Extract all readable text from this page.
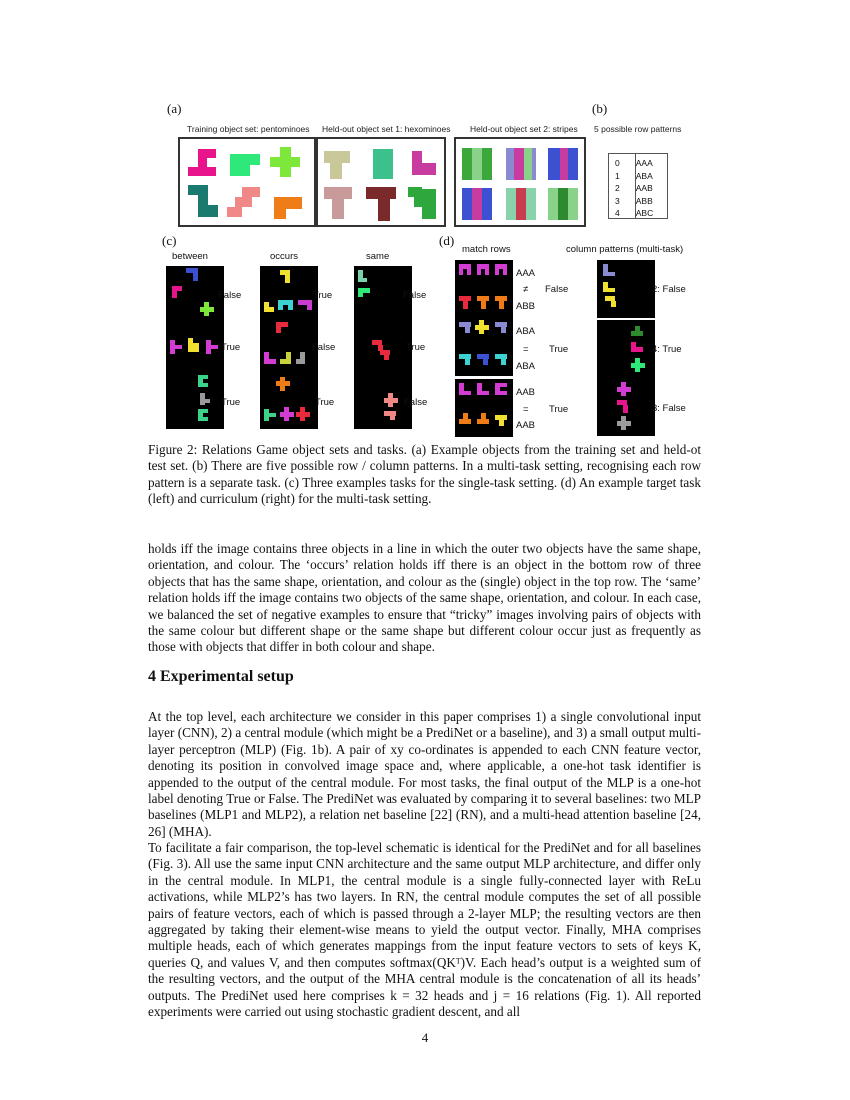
(a)	(b)
(c)	(d)
Training object set: pentominoes Held-out object set 1: hexominoes Held-out object set 2: stripes 5 possible row patterns
0	AAA
1	ABA
2	AAB
3	ABB
4	ABC
between	occurs	same
False	True	False
True	False	True
True	True	False
match rows	column patterns (multi-task)
AAA
≠
ABB
False	2: False
ABA
=
ABA
True	4: True
AAB
=
AAB
True	3: False

Figure 2: Relations Game object sets and tasks. (a) Example objects from the training set and held-ot test set. (b) There are five possible row / column patterns. In a multi-task setting, recognising each row pattern is a separate task. (c) Three examples tasks for the single-task setting. (d) An example target task (left) and curriculum (right) for the multi-task setting.

holds iff the image contains three objects in a line in which the outer two objects have the same shape, orientation, and colour. The ‘occurs’ relation holds iff there is an object in the bottom row of three objects that has the same shape, orientation, and colour as the (single) object in the top row. The ‘same’ relation holds iff the image contains two objects of the same shape, orientation, and colour. In each case, we balanced the set of negative examples to ensure that “tricky” images involving pairs of objects with the same colour but different shape or the same shape but different colour occur just as frequently as those with objects that differ in both colour and shape.

4 Experimental setup

At the top level, each architecture we consider in this paper comprises 1) a single convolutional input layer (CNN), 2) a central module (which might be a PrediNet or a baseline), and 3) a small output multi-layer perceptron (MLP) (Fig. 1b). A pair of xy co-ordinates is appended to each CNN feature vector, denoting its position in convolved image space and, where applicable, a one-hot task identifier is appended to the output of the central module. For most tasks, the final output of the MLP is a one-hot label denoting True or False. The PrediNet was evaluated by comparing it to several baselines: two MLP baselines (MLP1 and MLP2), a relation net baseline [22] (RN), and a multi-head attention baseline [24, 26] (MHA).

To facilitate a fair comparison, the top-level schematic is identical for the PrediNet and for all baselines (Fig. 3). All use the same input CNN architecture and the same output MLP architecture, and differ only in the central module. In MLP1, the central module is a single fully-connected layer with ReLu activations, while MLP2’s has two layers. In RN, the central module computes the set of all possible pairs of feature vectors, each of which is passed through a 2-layer MLP; the resulting vectors are then aggregated by taking their element-wise means to yield the output vector. Finally, MHA comprises multiple heads, each of which generates mappings from the input feature vectors to sets of keys K, queries Q, and values V, and then computes softmax(QKᵀ)V. Each head’s output is a weighted sum of the resulting vectors, and the output of the MHA central module is the concatenation of all its heads’ outputs. The PrediNet used here comprises k = 32 heads and j = 16 relations (Fig. 1). All reported experiments were carried out using stochastic gradient descent, and all

4
